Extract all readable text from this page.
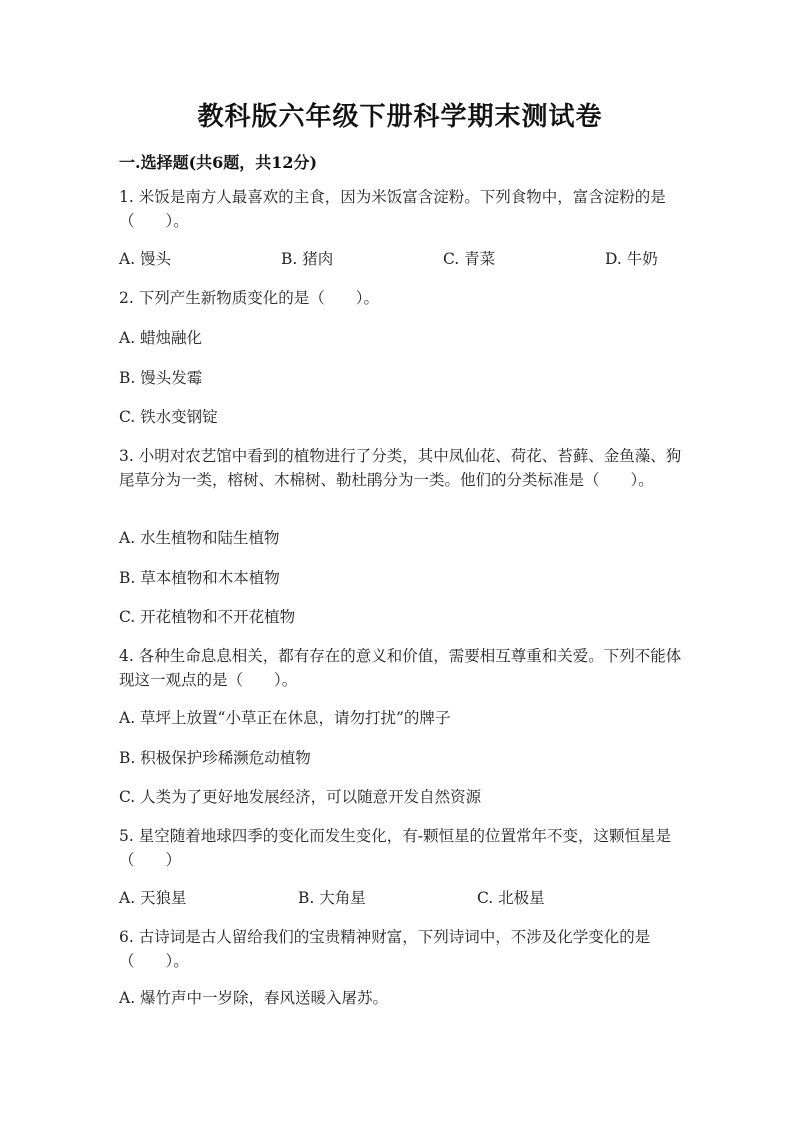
教科版六年级下册科学期末测试卷
一.选择题(共6题，共12分)
1. 米饭是南方人最喜欢的主食，因为米饭富含淀粉。下列食物中，富含淀粉的是（　　）。
A. 馒头	B. 猪肉	C. 青菜	D. 牛奶
2. 下列产生新物质变化的是（　　）。
A. 蜡烛融化
B. 馒头发霉
C. 铁水变钢锭
3. 小明对农艺馆中看到的植物进行了分类，其中凤仙花、荷花、苔藓、金鱼藻、狗尾草分为一类，榕树、木棉树、勒杜鹃分为一类。他们的分类标准是（　　）。
A. 水生植物和陆生植物
B. 草本植物和木本植物
C. 开花植物和不开花植物
4. 各种生命息息相关，都有存在的意义和价值，需要相互尊重和关爱。下列不能体现这一观点的是（　　）。
A. 草坪上放置“小草正在休息，请勿打扰”的牌子
B. 积极保护珍稀濒危动植物
C. 人类为了更好地发展经济，可以随意开发自然资源
5. 星空随着地球四季的变化而发生变化，有-颗恒星的位置常年不变，这颗恒星是（　　）
A. 天狼星	B. 大角星	C. 北极星
6. 古诗词是古人留给我们的宝贵精神财富，下列诗词中，不涉及化学变化的是（　　）。
A. 爆竹声中一岁除，春风送暖入屠苏。
